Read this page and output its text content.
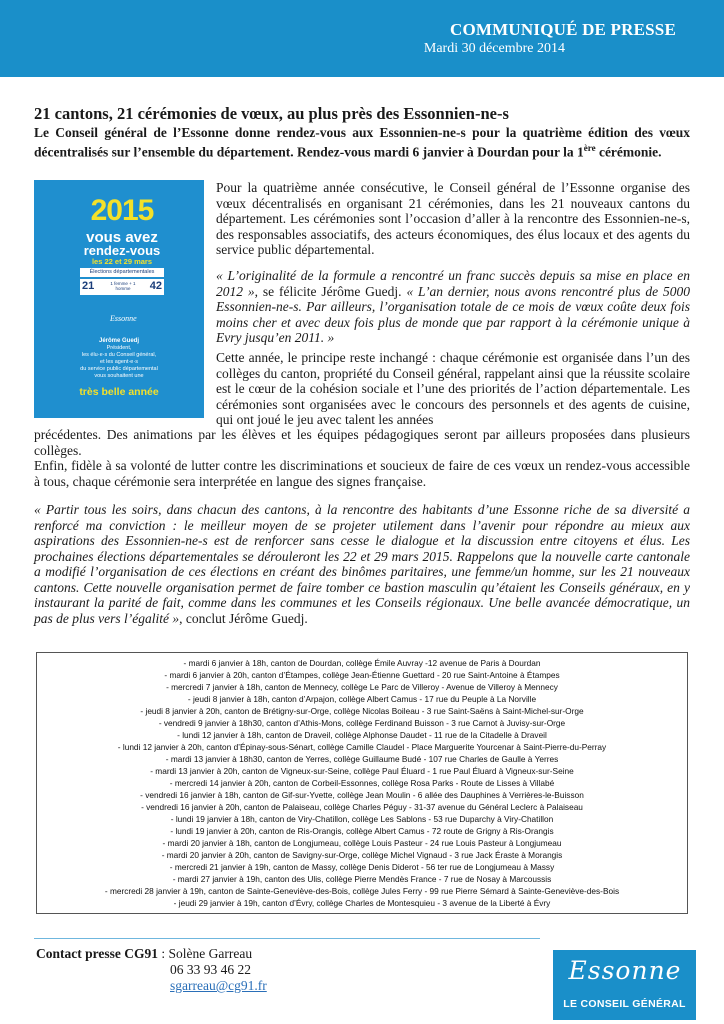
COMMUNIQUÉ DE PRESSE
Mardi 30 décembre 2014
21 cantons, 21 cérémonies de vœux, au plus près des Essonnien-ne-s
Le Conseil général de l’Essonne donne rendez-vous aux Essonnien-ne-s pour la quatrième édition des vœux décentralisés sur l’ensemble du département. Rendez-vous mardi 6 janvier à Dourdan pour la 1ère cérémonie.
2015
vous avez
rendez-vous
les 22 et 29 mars
Élections départementales
21	1 femme + 1 homme	42
Essonne
Jérôme Guedj
Président,
les élu·e·s du Conseil général,
et les agent·e·s
du service public départemental
vous souhaitent une
très belle année

Pour la quatrième année consécutive, le Conseil général de l’Essonne organise des vœux décentralisés en organisant 21 cérémonies, dans les 21 nouveaux cantons du département. Les cérémonies sont l’occasion d’aller à la rencontre des Essonnien-ne-s, des responsables associatifs, des acteurs économiques, des élus locaux et des agents du service public départemental.

« L’originalité de la formule a rencontré un franc succès depuis sa mise en place en 2012 », se félicite Jérôme Guedj. « L’an dernier, nous avons rencontré plus de 5000 Essonnien-ne-s. Par ailleurs, l’organisation totale de ce mois de vœux coûte deux fois moins cher et avec deux fois plus de monde que par rapport à la cérémonie unique à Evry jusqu’en 2011. »

Cette année, le principe reste inchangé : chaque cérémonie est organisée dans l’un des collèges du canton, propriété du Conseil général, rappelant ainsi que la réussite scolaire est le cœur de la cohésion sociale et l’une des priorités de l’action départementale. Les cérémonies sont organisées avec le concours des personnels et des agents de cuisine, qui ont joué le jeu avec talent les années

précédentes. Des animations par les élèves et les équipes pédagogiques seront par ailleurs proposées dans plusieurs collèges.

Enfin, fidèle à sa volonté de lutter contre les discriminations et soucieux de faire de ces vœux un rendez-vous accessible à tous, chaque cérémonie sera interprétée en langue des signes française.

« Partir tous les soirs, dans chacun des cantons, à la rencontre des habitants d’une Essonne riche de sa diversité a renforcé ma conviction : le meilleur moyen de se projeter utilement dans l’avenir pour répondre au mieux aux aspirations des Essonnien-ne-s est de renforcer sans cesse le dialogue et la discussion entre citoyens et élus. Les prochaines élections départementales se dérouleront les 22 et 29 mars 2015. Rappelons que la nouvelle carte cantonale a modifié l’organisation de ces élections en créant des binômes paritaires, une femme/un homme, sur les 21 nouveaux cantons. Cette nouvelle organisation permet de faire tomber ce bastion masculin qu’étaient les Conseils généraux, en y instaurant la parité de fait, comme dans les communes et les Conseils régionaux. Une belle avancée démocratique, un pas de plus vers l’égalité », conclut Jérôme Guedj.

- mardi 6 janvier à 18h, canton de Dourdan, collège Émile Auvray -12 avenue de Paris à Dourdan
- mardi 6 janvier à 20h, canton d’Étampes, collège Jean-Étienne Guettard - 20 rue Saint-Antoine à Étampes
- mercredi 7 janvier à 18h, canton de Mennecy, collège Le Parc de Villeroy - Avenue de Villeroy à Mennecy
- jeudi 8 janvier à 18h, canton d’Arpajon, collège Albert Camus - 17 rue du Peuple à La Norville
- jeudi 8 janvier à 20h, canton de Brétigny-sur-Orge, collège Nicolas Boileau - 3 rue Saint-Saëns à Saint-Michel-sur-Orge
- vendredi 9 janvier à 18h30, canton d’Athis-Mons, collège Ferdinand Buisson - 3 rue Carnot à Juvisy-sur-Orge
- lundi 12 janvier à 18h, canton de Draveil, collège Alphonse Daudet - 11 rue de la Citadelle à Draveil
- lundi 12 janvier à 20h, canton d’Épinay-sous-Sénart, collège Camille Claudel - Place Marguerite Yourcenar à Saint-Pierre-du-Perray
- mardi 13 janvier à 18h30, canton de Yerres, collège Guillaume Budé - 107 rue Charles de Gaulle à Yerres
- mardi 13 janvier à 20h, canton de Vigneux-sur-Seine, collège Paul Éluard - 1 rue Paul Éluard à Vigneux-sur-Seine
- mercredi 14 janvier à 20h, canton de Corbeil-Essonnes, collège Rosa Parks - Route de Lisses à Villabé
- vendredi 16 janvier à 18h, canton de Gif-sur-Yvette, collège Jean Moulin - 6 allée des Dauphines à Verrières-le-Buisson
- vendredi 16 janvier à 20h, canton de Palaiseau, collège Charles Péguy - 31-37 avenue du Général Leclerc à Palaiseau
- lundi 19 janvier à 18h, canton de Viry-Chatillon, collège Les Sablons - 53 rue Duparchy à Viry-Chatillon
- lundi 19 janvier à 20h, canton de Ris-Orangis, collège Albert Camus - 72 route de Grigny à Ris-Orangis
- mardi 20 janvier à 18h, canton de Longjumeau, collège Louis Pasteur - 24 rue Louis Pasteur à Longjumeau
- mardi 20 janvier à 20h, canton de Savigny-sur-Orge, collège Michel Vignaud - 3 rue Jack Éraste à Morangis
- mercredi 21 janvier à 19h, canton de Massy, collège Denis Diderot - 56 ter rue de Longjumeau à Massy
- mardi 27 janvier à 19h, canton des Ulis, collège Pierre Mendès France - 7 rue de Nosay à Marcoussis
- mercredi 28 janvier à 19h, canton de Sainte-Geneviève-des-Bois, collège Jules Ferry - 99 rue Pierre Sémard à Sainte-Geneviève-des-Bois
- jeudi 29 janvier à 19h, canton d’Évry, collège Charles de Montesquieu - 3 avenue de la Liberté à Évry
Contact presse CG91 : Solène Garreau
06 33 93 46 22
sgarreau@cg91.fr
Essonne
LE CONSEIL GÉNÉRAL
